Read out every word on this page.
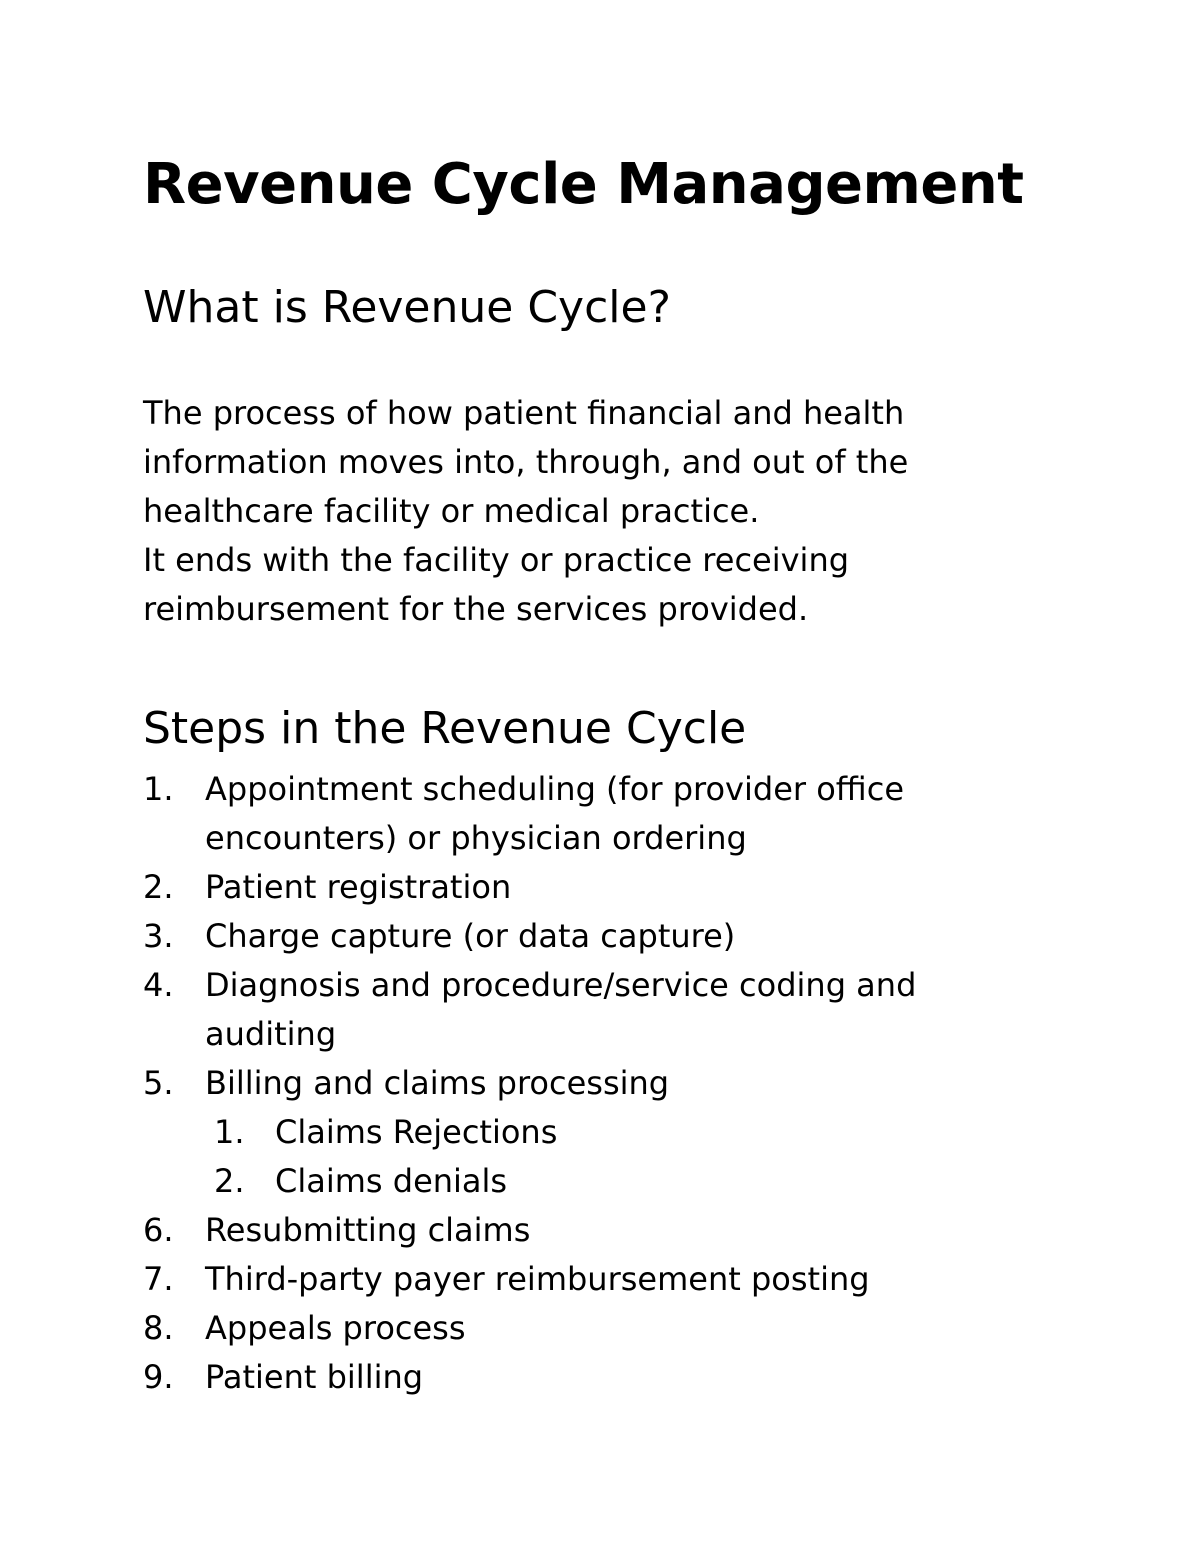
Revenue Cycle Management
What is Revenue Cycle?

The process of how patient financial and health information moves into, through, and out of the healthcare facility or medical practice.

It ends with the facility or practice receiving reimbursement for the services provided.

Steps in the Revenue Cycle
1. Appointment scheduling (for provider office encounters) or physician ordering
2. Patient registration
3. Charge capture (or data capture)
4. Diagnosis and procedure/service coding and auditing
5. Billing and claims processing
1. Claims Rejections
2. Claims denials
6. Resubmitting claims
7. Third-party payer reimbursement posting
8. Appeals process
9. Patient billing
